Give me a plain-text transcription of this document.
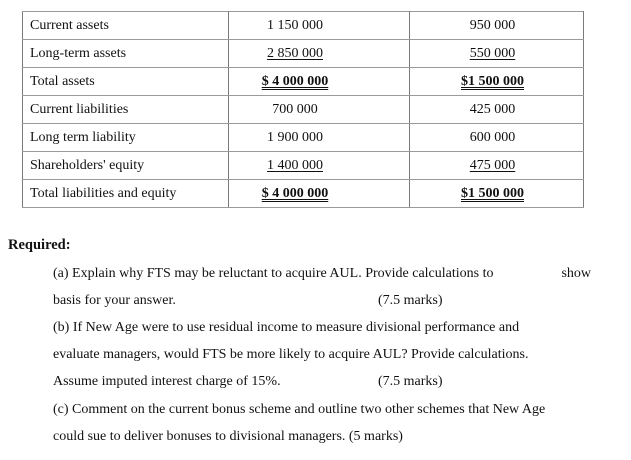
Current assets	1 150 000	950 000
Long-term assets	2 850 000	550 000
Total assets	$ 4 000 000	$1 500 000
Current liabilities	700 000	425 000
Long term liability	1 900 000	600 000
Shareholders' equity	1 400 000	475 000
Total liabilities and equity	$ 4 000 000	$1 500 000
Required:
(a) Explain why FTS may be reluctant to acquire AUL. Provide calculations to	show
basis for your answer.	(7.5 marks)
(b) If New Age were to use residual income to measure divisional performance and
evaluate managers, would FTS be more likely to acquire AUL? Provide calculations.
Assume imputed interest charge of 15%.	(7.5 marks)
(c) Comment on the current bonus scheme and outline two other schemes that New Age
could sue to deliver bonuses to divisional managers. (5 marks)
